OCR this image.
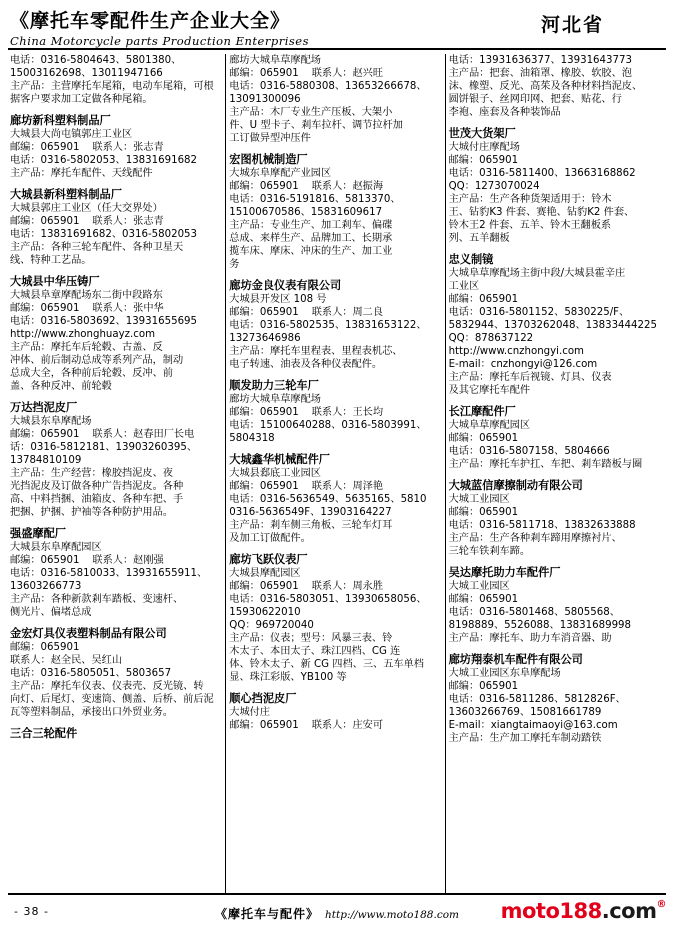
《摩托车零配件生产企业大全》
China Motorcycle parts Production Enterprises
河北省
电话：0316-5804643、5801380、
15003162698、13011947166
主产品：主营摩托车尾箱，电动车尾箱，可根
据客户要求加工定做各种尾箱。
廊坊新科塑料制品厂
大城县大尚屯镇郭庄工业区
邮编：065901    联系人：张志青
电话：0316-5802053、13831691682
主产品：摩托车配件、天线配件
大城县新科塑料制品厂
大城县郭庄工业区（任大交界处）
邮编：065901    联系人：张志青
电话：13831691682、0316-5802053
主产品：各种三轮车配件、各种卫星天
线、特种工艺品。
大城县中华压铸厂
大城县阜章摩配场东二街中段路东
邮编：065901    联系人：张中华
电话：0316-5803692、13931655695
http://www.zhonghuayz.com
主产品：摩托车后轮毂、古盖、反
冲体、前后制动总成等系列产品，制动
总成大全，各种前后轮毂、反冲、前
盖、各种反冲、前轮毂
万达挡泥皮厂
大城县东阜摩配场
邮编：065901    联系人：赵春田厂长电
话：0316-5812181、13903260395、
13784810109
主产品：生产经营：橡胶挡泥皮、夜
光挡泥皮及订做各种广告挡泥皮。各种
高、中料挡捆、油箱皮、各种车把、手
把捆、护捆、护袖等各种防护用品。
强盛摩配厂
大城县东阜摩配园区
邮编：065901    联系人：赵刚强
电话：0316-5810033、13931655911、
13603266773
主产品：各种新款剎车踏板、变速杆、
侧光片、偏堵总成
金宏灯具仪表塑料制品有限公司
邮编：065901
联系人：赵全民、吴红山
电话：0316-5805051、5803657
主产品：摩托车仪表、仪表壳、反光镜、转
向灯、后尾灯、变速筒、侧盖、后桥、前后泥
瓦等塑料制品，承接出口外贸业务。
三合三轮配件
廊坊大城阜草摩配场
邮编：065901    联系人：赵兴旺
电话：0316-5880308、13653266678、
13091300096
主产品：木厂专业生产压板、大架小
件、U 型卡子、剎车拉杆、调节拉杆加
工订做异型冲压件
宏图机械制造厂
大城东阜摩配产业园区
邮编：065901    联系人：赵振海
电话：0316-5191816、5813370、
15100670586、15831609617
主产品：专业生产、加工剎车、偏碟
总成、来样生产、品牌加工、长期承
揽车床、摩床、冲床的生产、加工业
务
廊坊金良仪表有限公司
大城县开发区 108 号
邮编：065901    联系人：周二良
电话：0316-5802535、13831653122、
13273646986
主产品：摩托车里程表、里程表机芯、
电子转速、油表及各种仪表配件。
顺发助力三轮车厂
廊坊大城阜草摩配场
邮编：065901    联系人：王长均
电话：15100640288、0316-5803991、
5804318
大城鑫华机械配件厂
大城县郄底工业园区
邮编：065901    联系人：周泽艳
电话：0316-5636549、5635165、5810
0316-5636549F、13903164227
主产品：剎车侧三角板、三轮车灯耳
及加工订做配件。
廊坊飞跃仪表厂
大城县摩配园区
邮编：065901    联系人：周永胜
电话：0316-5803051、13930658056、
15930622010
QQ：969720040
主产品：仪表；型号：风暴三表、铃
木太子、本田太子、珠江四档、CG 连
体、铃木太子、新 CG 四档、三、五车单档
显、珠江彩版、YB100 等
顺心挡泥皮厂
大城付庄
邮编：065901    联系人：庄安可
电话：13931636377、13931643773
主产品：把套、油箱罩、橡胶、软胶、泡
沫、橡塑、反光、高茱及各种材料挡泥皮、
圆饼银子、丝网印网、把套、贴花、行
李袍、座套及各种装饰品
世茂大货架厂
大城付庄摩配场
邮编：065901
电话：0316-5811400、13663168862
QQ：1273070024
主产品：生产各种货架适用于：铃木
王、钻豹K3 件套、赛艳、钻豹K2 件套、
铃木王2 件套、五羊、铃木王翻板系
列、五羊翻板
忠义制镜
大城阜草摩配场主街中段/大城县霍辛庄
工业区
邮编：065901
电话：0316-5801152、5830225/F、
5832944、13703262048、13833444225
QQ：878637122
http://www.cnzhongyi.com
E-mail：cnzhongyi@126.com
主产品：摩托车后视镜、灯具、仪表
及其它摩托车配件
长江摩配件厂
大城阜草摩配园区
邮编：065901
电话：0316-5807158、5804666
主产品：摩托车护扛、车把、剎车踏板与圈
大城蓝信摩擦制动有限公司
大城工业园区
邮编：065901
电话：0316-5811718、13832633888
主产品：生产各种剎车蹄用摩擦衬片、
三轮车铁剎车蹄。
吴达摩托助力车配件厂
大城工业园区
邮编：065901
电话：0316-5801468、5805568、
8198889、5526088、13831689998
主产品：摩托车、助力车消音器、助
廊坊翔泰机车配件有限公司
大城工业园区东阜摩配场
邮编：065901
电话：0316-5811286、5812826F、
13603266769、15081661789
E-mail：xiangtaimaoyi@163.com
主产品：生产加工摩托车制动踏铁
- 38 -	《摩托车与配件》 http://www.moto188.com moto188.com®
